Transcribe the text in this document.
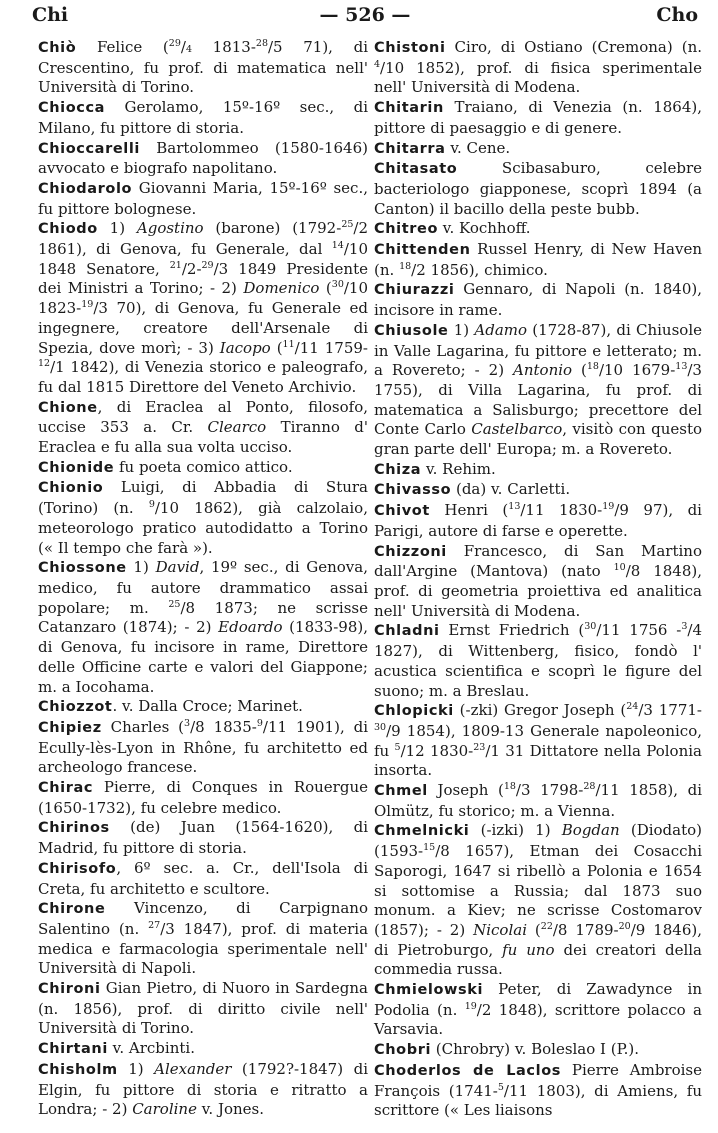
Chi	— 526 —	Cho

Chiò Felice ($^{29}$/4 1813-$^{28}$/5 71), di Crescentino, fu prof. di matematica nell' Università di Torino.

Chiocca Gerolamo, 15º-16º sec., di Milano, fu pittore di storia.

Chioccarelli Bartolommeo (1580-1646) avvocato e biografo napolitano.

Chiodarolo Giovanni Maria, 15º-16º sec., fu pittore bolognese.

Chiodo 1) Agostino (barone) (1792-$^{25}$/2 1861), di Genova, fu Generale, dal $^{14}$/10 1848 Senatore, $^{21}$/2-$^{29}$/3 1849 Presidente dei Ministri a Torino; - 2) Domenico ($^{30}$/10 1823-$^{19}$/3 70), di Genova, fu Generale ed ingegnere, creatore dell'Arsenale di Spezia, dove morì; - 3) Iacopo ($^{11}$/11 1759-$^{12}$/1 1842), di Venezia storico e paleografo, fu dal 1815 Direttore del Veneto Archivio.

Chione, di Eraclea al Ponto, filosofo, uccise 353 a. Cr. Clearco Tiranno d' Eraclea e fu alla sua volta ucciso.

Chionide fu poeta comico attico.

Chionio Luigi, di Abbadia di Stura (Torino) (n. $^9$/10 1862), già calzolaio, meteorologo pratico autodidatto a Torino (« Il tempo che farà »).

Chiossone 1) David, 19º sec., di Genova, medico, fu autore drammatico assai popolare; m. $^{25}$/8 1873; ne scrisse Catanzaro (1874); - 2) Edoardo (1833-98), di Genova, fu incisore in rame, Direttore delle Officine carte e valori del Giappone; m. a Iocohama.

Chiozzot. v. Dalla Croce; Marinet.

Chipiez Charles ($^3$/8 1835-$^9$/11 1901), di Ecully-lès-Lyon in Rhône, fu architetto ed archeologo francese.

Chirac Pierre, di Conques in Rouergue (1650-1732), fu celebre medico.

Chirinos (de) Juan (1564-1620), di Madrid, fu pittore di storia.

Chirisofo, 6º sec. a. Cr., dell'Isola di Creta, fu architetto e scultore.

Chirone Vincenzo, di Carpignano Salentino (n. $^{27}$/3 1847), prof. di materia medica e farmacologia sperimentale nell' Università di Napoli.

Chironi Gian Pietro, di Nuoro in Sardegna (n. 1856), prof. di diritto civile nell' Università di Torino.

Chirtani v. Arcbinti.

Chisholm 1) Alexander (1792?-1847) di Elgin, fu pittore di storia e ritratto a Londra; - 2) Caroline v. Jones.

Chistoni Ciro, di Ostiano (Cremona) (n. $^4$/10 1852), prof. di fisica sperimentale nell' Università di Modena.

Chitarin Traiano, di Venezia (n. 1864), pittore di paesaggio e di genere.

Chitarra v. Cene.

Chitasato Scibasaburo, celebre bacteriologo giapponese, scoprì 1894 (a Canton) il bacillo della peste bubb.

Chitreo v. Kochhoff.

Chittenden Russel Henry, di New Haven (n. $^{18}$/2 1856), chimico.

Chiurazzi Gennaro, di Napoli (n. 1840), incisore in rame.

Chiusole 1) Adamo (1728-87), di Chiusole in Valle Lagarina, fu pittore e letterato; m. a Rovereto; - 2) Antonio ($^{18}$/10 1679-$^{13}$/3 1755), di Villa Lagarina, fu prof. di matematica a Salisburgo; precettore del Conte Carlo Castelbarco, visitò con questo gran parte dell' Europa; m. a Rovereto.

Chiza v. Rehim.

Chivasso (da) v. Carletti.

Chivot Henri ($^{13}$/11 1830-$^{19}$/9 97), di Parigi, autore di farse e operette.

Chizzoni Francesco, di San Martino dall'Argine (Mantova) (nato $^{10}$/8 1848), prof. di geometria proiettiva ed analitica nell' Università di Modena.

Chladni Ernst Friedrich ($^{30}$/11 1756 -$^3$/4 1827), di Wittenberg, fisico, fondò l' acustica scientifica e scoprì le figure del suono; m. a Breslau.

Chlopicki (-zki) Gregor Joseph ($^{24}$/3 1771-$^{30}$/9 1854), 1809-13 Generale napoleonico, fu $^5$/12 1830-$^{23}$/1 31 Dittatore nella Polonia insorta.

Chmel Joseph ($^{18}$/3 1798-$^{28}$/11 1858), di Olmütz, fu storico; m. a Vienna.

Chmelnicki (-izki) 1) Bogdan (Diodato) (1593-$^{15}$/8 1657), Etman dei Cosacchi Saporogi, 1647 si ribellò a Polonia e 1654 si sottomise a Russia; dal 1873 suo monum. a Kiev; ne scrisse Costomarov (1857); - 2) Nicolai ($^{22}$/8 1789-$^{20}$/9 1846), di Pietroburgo, fu uno dei creatori della commedia russa.

Chmielowski Peter, di Zawadynce in Podolia (n. $^{19}$/2 1848), scrittore polacco a Varsavia.

Chobri (Chrobry) v. Boleslao I (P.).

Choderlos de Laclos Pierre Ambroise François (1741-$^5$/11 1803), di Amiens, fu scrittore (« Les liaisons
